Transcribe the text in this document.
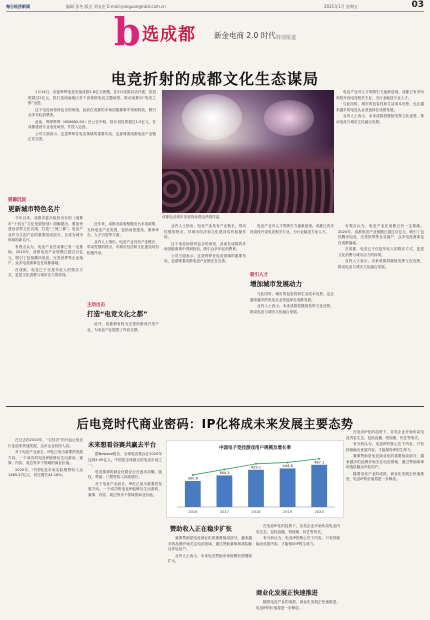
每日经济新闻	编辑 张冬 版式 刘友宏 E-mail:yanguan@nbd.com.cn	2021年1月 星期五	03
b 选成都 新金电商 2.0 时代 特别报道
电竞折射的成都文化生态谋局

1月14日，用蓝哔哔电竞决战成都1.8亿元规模，在3月成都启动开建，拟投资超过2亿元，将打造西南地区首个高规格电竞主题场馆，推动成都向“电竞之都”迈进。

这个电竞场馆所包含的场馆，此前在成都的多场顶级赛事中得到检验，吸引众多年轻消费者。

此前，哔哔哔哔（600680,SH）在公告中称，按计划投资超过1.5亿元，在成都建设专业电竞场馆，并投入运营。

公司方面表示，这是哔哔在电竞领域的重要布局，也意味着成都电竞产业链正在完善。

成都电竞城市发展现场观众热情洋溢

电竞产业对人才的吸引力逐渐显现。成都已有多所高校开设电竞相关专业，为行业输送专业人才。

与此同时，城市的包容性和生活成本优势，也让越来越多的电竞从业者选择在成都发展。

业内人士表示，未来成都将继续发挥文化优势，推动电竞与城市文化融合发展。

资源沉淀
更新城市特色名片

今年以来，成都市委市政府出台的《成都市“十四五”文化发展规划》明确提出，要加快建设世界文化名城，打造“三城三都”。电竞产业作为文创产业的重要组成部分，正成为城市形象的新名片。

有观点认为，电竞产业在成都已有一定基础。2020年，成都电竞产业规模已超过百亿元，吸引了包括腾讯电竞、完美世界等企业落户，众多电竞赛事也在成都落地。

在成都，电竞已不仅是年轻人的娱乐方式，更是文化消费与城市活力的体现。

主动出击
打造“电竞文化之都”

近年来，成都市政府相继出台多项政策，支持电竞产业发展，包括场馆建设、赛事举办、人才引进等方面。

业内人士指出，电竞产业具有产业链长、带动性强的特点，对城市经济和文化建设均有积极作用。

此外，成都拥有较为完善的游戏开发产业，为电竞产业提供了内容支撑。

业内人士指出，电竞产业具有产业链长、带动性强的特点，对城市经济和文化建设均有积极作用。

这个电竞场馆所包含的场馆，此前在成都的多场顶级赛事中得到检验，吸引众多年轻消费者。

公司方面表示，这是哔哔在电竞领域的重要布局，也意味着成都电竞产业链正在完善。

吸引人才
增加城市发展动力

电竞产业对人才的吸引力逐渐显现。成都已有多所高校开设电竞相关专业，为行业输送专业人才。

与此同时，城市的包容性和生活成本优势，也让越来越多的电竞从业者选择在成都发展。

业内人士表示，未来成都将继续发挥文化优势，推动电竞与城市文化融合发展。

有观点认为，电竞产业在成都已有一定基础。2020年，成都电竞产业规模已超过百亿元，吸引了包括腾讯电竞、完美世界等企业落户，众多电竞赛事也在成都落地。

在成都，电竞已不仅是年轻人的娱乐方式，更是文化消费与城市活力的体现。

业内人士表示，未来成都将继续发挥文化优势，推动电竞与城市文化融合发展。

后电竞时代商业密码：IP化将成未来发展主要态势

在过去的2020年，“宅经济”的兴起让电竞行业迎来快速发展，众多企业纷纷入局。

对于电竞产业而言，IP化已成为重要的发展方向。一个成功的电竞IP能够衍生出游戏、赛事、内容、周边等多个领域的商业价值。

2020年，中国电竞市场实际销售收入达1365.57亿元，同比增长44.16%。

未来想看谷赛共赢去平台

据Newzoo报告，全球电竞观众在2020年达到4.95亿人。中国是全球最大的电竞市场之一。

电竞赛事的商业化路径正在逐步清晰，版权、赞助、门票等收入持续增长。

对于电竞产业而言，IP化已成为重要的发展方向。一个成功的电竞IP能够衍生出游戏、赛事、内容、周边等多个领域的商业价值。

中国电子竞技游戏用户规模及增长率
300.6
2016
364.3
2017
429.1
2018
444.8
2019
487.1
2020
赞助收入正在稳步扩张

赛事赞助是电竞商业化的重要组成部分，越来越多的品牌开始关注电竞领域，通过赞助赛事和战队触达年轻用户。

业内人士表示，未来电竞赞助市场规模有望继续扩大。

在电竞IP化的趋势下，各类企业开始布局电竞内容生态，包括直播、短视频、综艺等形式。

有分析认为，电竞IP的核心在于内容，只有持续输出优质内容，才能保持IP的生命力。

商业化发展正快速推进

随着电竞产业的成熟，商业化发展正快速推进，电竞IP的价值将进一步释放。

在电竞IP化的趋势下，各类企业开始布局电竞内容生态，包括直播、短视频、综艺等形式。

有分析认为，电竞IP的核心在于内容，只有持续输出优质内容，才能保持IP的生命力。

赛事赞助是电竞商业化的重要组成部分，越来越多的品牌开始关注电竞领域，通过赞助赛事和战队触达年轻用户。

随着电竞产业的成熟，商业化发展正快速推进，电竞IP的价值将进一步释放。
